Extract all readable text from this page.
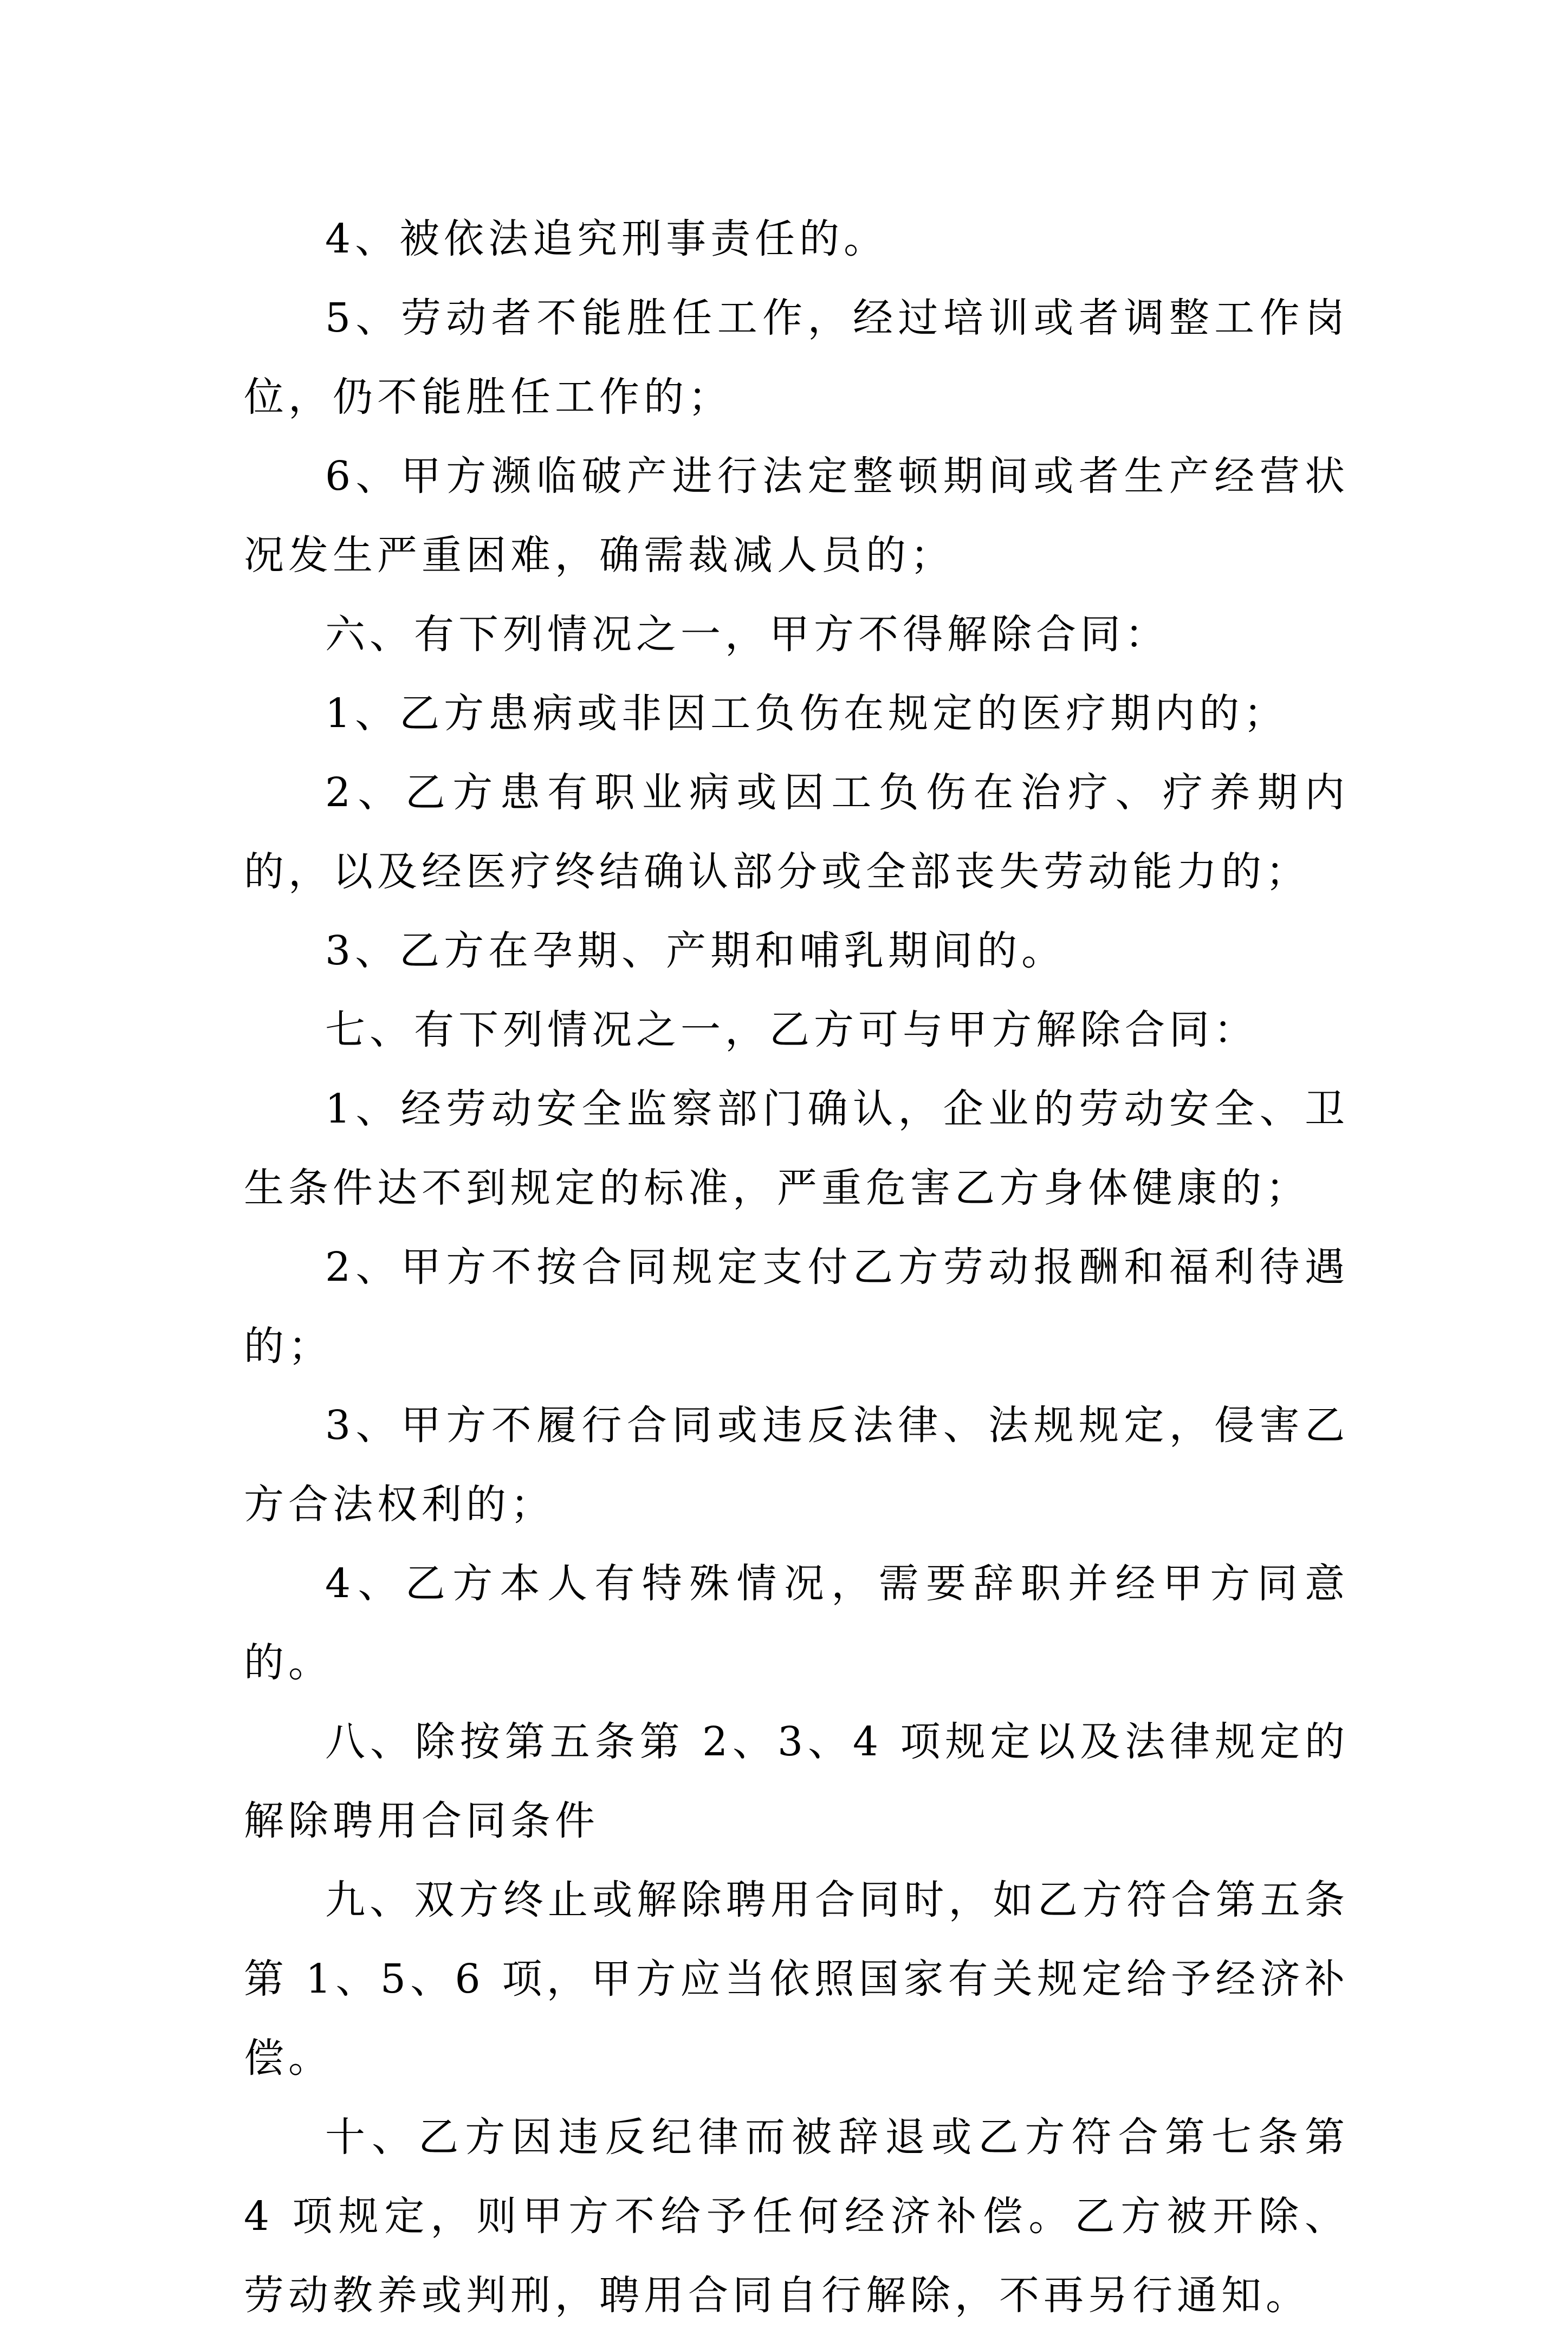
4、被依法追究刑事责任的。

5、劳动者不能胜任工作，经过培训或者调整工作岗位，仍不能胜任工作的；

6、甲方濒临破产进行法定整顿期间或者生产经营状况发生严重困难，确需裁减人员的；

六、有下列情况之一，甲方不得解除合同：

1、乙方患病或非因工负伤在规定的医疗期内的；

2、乙方患有职业病或因工负伤在治疗、疗养期内的，以及经医疗终结确认部分或全部丧失劳动能力的；

3、乙方在孕期、产期和哺乳期间的。

七、有下列情况之一，乙方可与甲方解除合同：

1、经劳动安全监察部门确认，企业的劳动安全、卫生条件达不到规定的标准，严重危害乙方身体健康的；

2、甲方不按合同规定支付乙方劳动报酬和福利待遇的；

3、甲方不履行合同或违反法律、法规规定，侵害乙方合法权利的；

4、乙方本人有特殊情况，需要辞职并经甲方同意的。

八、除按第五条第 2、3、4 项规定以及法律规定的解除聘用合同条件

九、双方终止或解除聘用合同时，如乙方符合第五条第 1、5、6 项，甲方应当依照国家有关规定给予经济补偿。

十、乙方因违反纪律而被辞退或乙方符合第七条第 4 项规定，则甲方不给予任何经济补偿。乙方被开除、劳动教养或判刑，聘用合同自行解除，不再另行通知。
